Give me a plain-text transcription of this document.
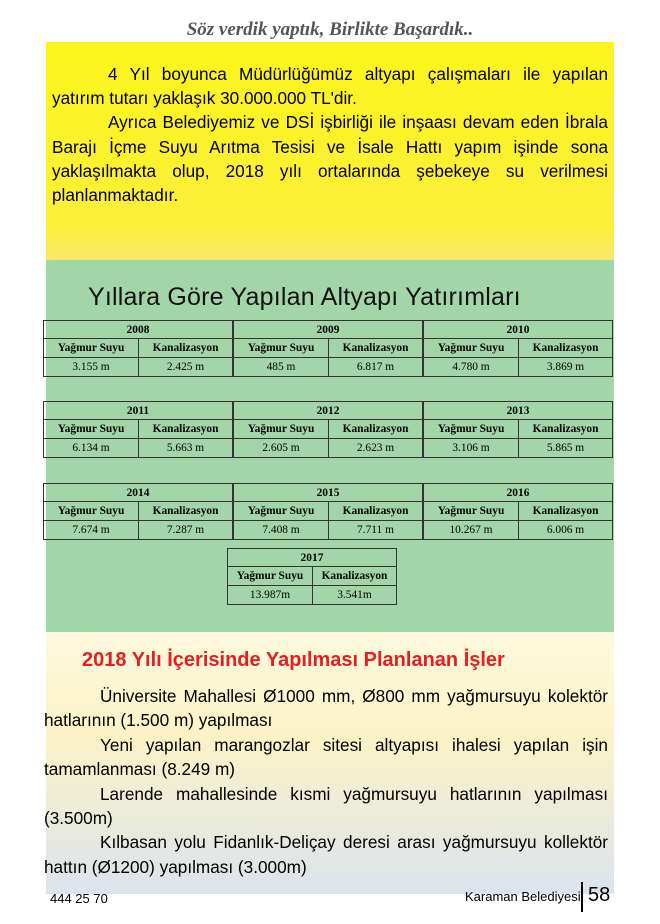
Söz verdik yaptık, Birlikte Başardık..

4 Yıl boyunca Müdürlüğümüz altyapı çalışmaları ile yapılan yatırım tutarı yaklaşık 30.000.000 TL'dir.

Ayrıca Belediyemiz ve DSİ işbirliği ile inşaası devam eden İbrala Barajı İçme Suyu Arıtma Tesisi ve İsale Hattı yapım işinde sona yaklaşılmakta olup, 2018 yılı ortalarında şebekeye su verilmesi planlanmaktadır.

Yıllara Göre Yapılan Altyapı Yatırımları
2008	
Yağmur Suyu	Kanalizasyon
3.155 m	2.425 m
2009	
Yağmur Suyu	Kanalizasyon
485 m	6.817 m
2010	
Yağmur Suyu	Kanalizasyon
4.780 m	3.869 m
2011	
Yağmur Suyu	Kanalizasyon
6.134 m	5.663 m
2012	
Yağmur Suyu	Kanalizasyon
2.605 m	2.623 m
2013	
Yağmur Suyu	Kanalizasyon
3.106 m	5.865 m
2014	
Yağmur Suyu	Kanalizasyon
7.674 m	7.287 m
2015	
Yağmur Suyu	Kanalizasyon
7.408 m	7.711 m
2016	
Yağmur Suyu	Kanalizasyon
10.267 m	6.006 m
2017	
Yağmur Suyu	Kanalizasyon
13.987m	3.541m
2018 Yılı İçerisinde Yapılması Planlanan İşler

Üniversite Mahallesi Ø1000 mm, Ø800 mm yağmursuyu kolektör hatlarının (1.500 m) yapılması

Yeni yapılan marangozlar sitesi altyapısı ihalesi yapılan işin tamamlanması (8.249 m)

Larende mahallesinde kısmi yağmursuyu hatlarının yapılması (3.500m)

Kılbasan yolu Fidanlık-Deliçay deresi arası yağmursuyu kollektör hattın (Ø1200) yapılması (3.000m)

444 25 70	Karaman Belediyesi 58
